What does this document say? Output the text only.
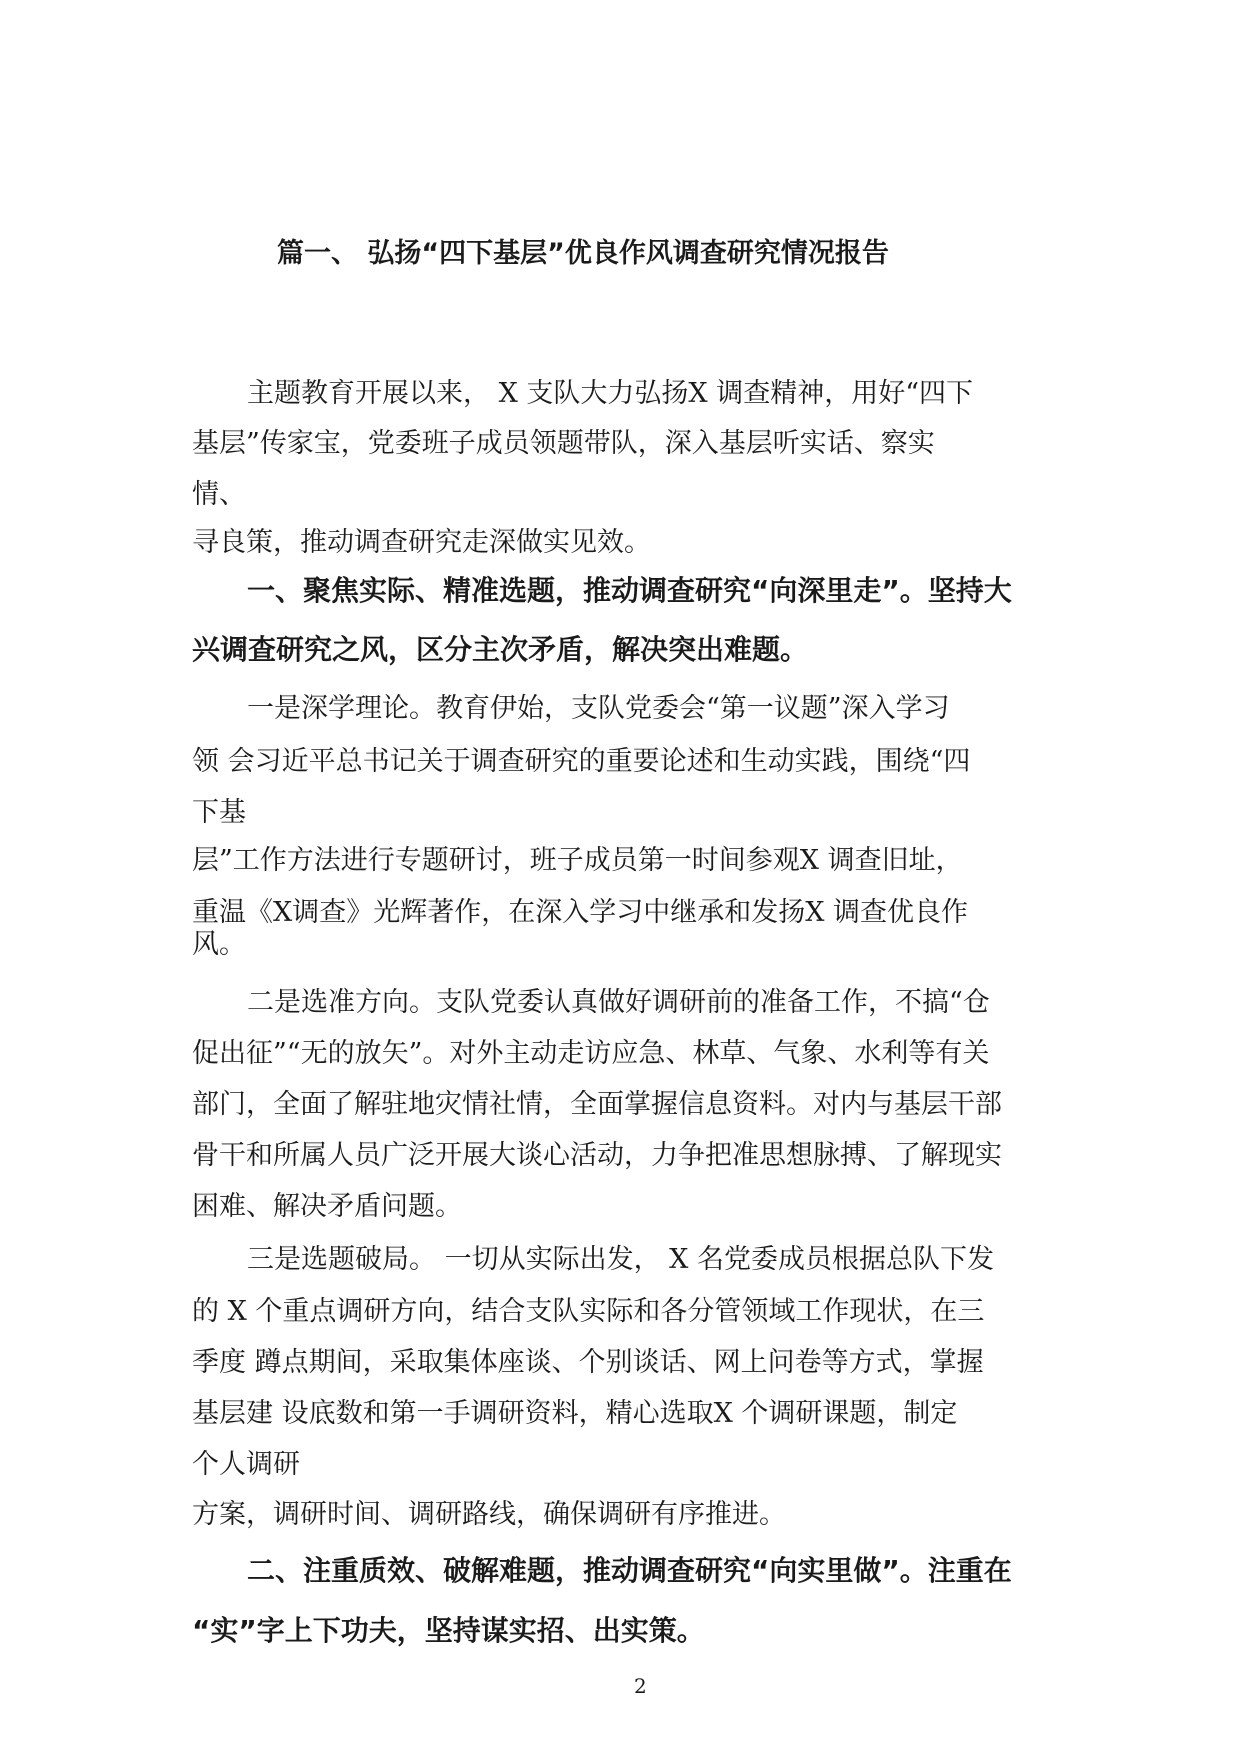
篇一、 弘扬“四下基层”优良作风调查研究情况报告
主题教育开展以来， X 支队大力弘扬X 调查精神，用好“四下
基层”传家宝，党委班子成员领题带队，深入基层听实话、察实
情、
寻良策，推动调查研究走深做实见效。
一、聚焦实际、精准选题，推动调查研究“向深里走”。坚持大
兴调查研究之风，区分主次矛盾，解决突出难题。
一是深学理论。教育伊始，支队党委会“第一议题”深入学习
领 会习近平总书记关于调查研究的重要论述和生动实践，围绕“四
下基
层”工作方法进行专题研讨，班子成员第一时间参观X 调查旧址，
重温《X调查》光辉著作，在深入学习中继承和发扬X 调查优良作
风。
二是选准方向。支队党委认真做好调研前的准备工作，不搞“仓
促出征”“无的放矢”。对外主动走访应急、林草、气象、水利等有关
部门，全面了解驻地灾情社情，全面掌握信息资料。对内与基层干部
骨干和所属人员广泛开展大谈心活动，力争把准思想脉搏、了解现实
困难、解决矛盾问题。
三是选题破局。 一切从实际出发， X 名党委成员根据总队下发
的 X 个重点调研方向，结合支队实际和各分管领域工作现状，在三
季度 蹲点期间，采取集体座谈、个别谈话、网上问卷等方式，掌握
基层建 设底数和第一手调研资料，精心选取X 个调研课题，制定
个人调研
方案，调研时间、调研路线，确保调研有序推进。
二、注重质效、破解难题，推动调查研究“向实里做”。注重在
“实”字上下功夫，坚持谋实招、出实策。
2
